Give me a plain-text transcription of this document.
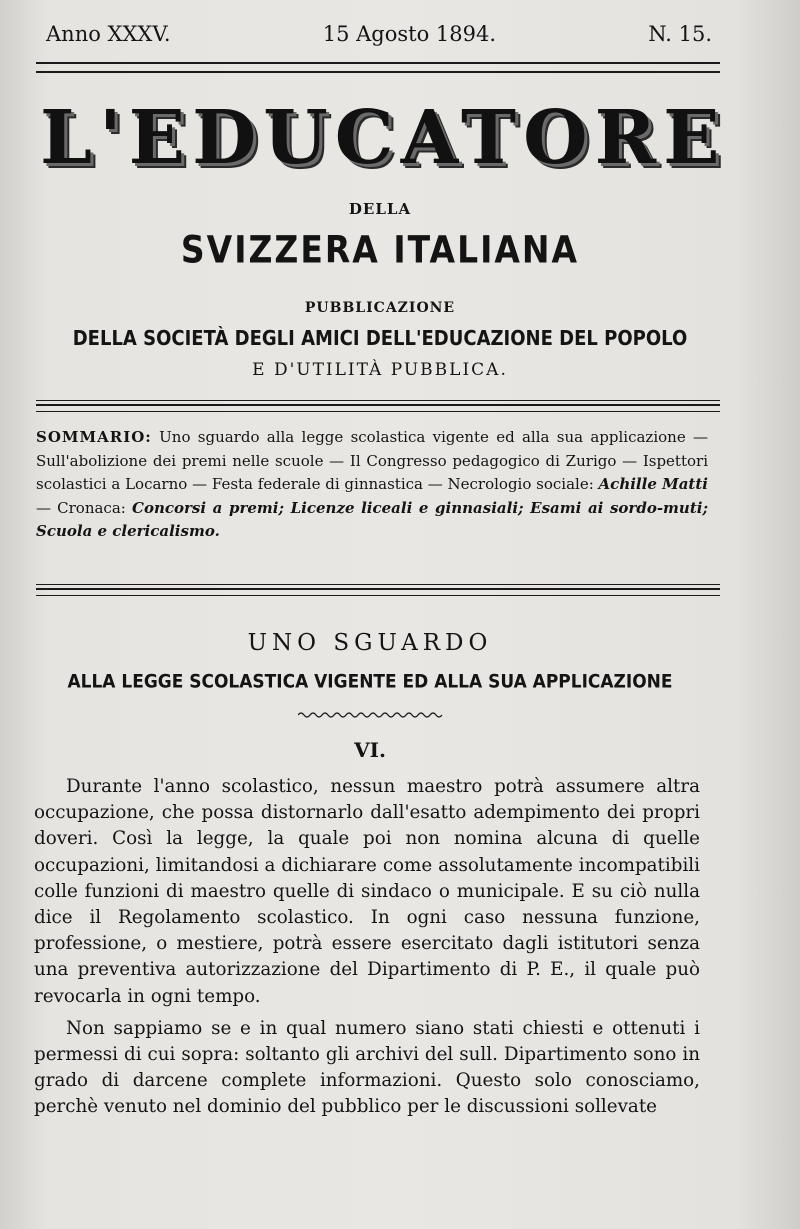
Anno XXXV.	15 Agosto 1894.	N. 15.
L'EDUCATORE
DELLA
SVIZZERA ITALIANA
PUBBLICAZIONE
DELLA SOCIETÀ DEGLI AMICI DELL'EDUCAZIONE DEL POPOLO
E D'UTILITÀ PUBBLICA.
SOMMARIO: Uno sguardo alla legge scolastica vigente ed alla sua applicazione — Sull'abolizione dei premi nelle scuole — Il Congresso pedagogico di Zurigo — Ispettori scolastici a Locarno — Festa federale di ginnastica — Necrologio sociale: Achille Matti — Cronaca: Concorsi a premi; Licenze liceali e ginnasiali; Esami ai sordo-muti; Scuola e clericalismo.
UNO SGUARDO
ALLA LEGGE SCOLASTICA VIGENTE ED ALLA SUA APPLICAZIONE
VI.

Durante l'anno scolastico, nessun maestro potrà assumere altra occupazione, che possa distornarlo dall'esatto adempimento dei propri doveri. Così la legge, la quale poi non nomina alcuna di quelle occupazioni, limitandosi a dichiarare come assolutamente incompatibili colle funzioni di maestro quelle di sindaco o municipale. E su ciò nulla dice il Regolamento scolastico. In ogni caso nessuna funzione, professione, o mestiere, potrà essere esercitato dagli istitutori senza una preventiva autorizzazione del Dipartimento di P. E., il quale può revocarla in ogni tempo.

Non sappiamo se e in qual numero siano stati chiesti e ottenuti i permessi di cui sopra: soltanto gli archivi del sull. Dipartimento sono in grado di darcene complete informazioni. Questo solo conosciamo, perchè venuto nel dominio del pubblico per le discussioni sollevate
